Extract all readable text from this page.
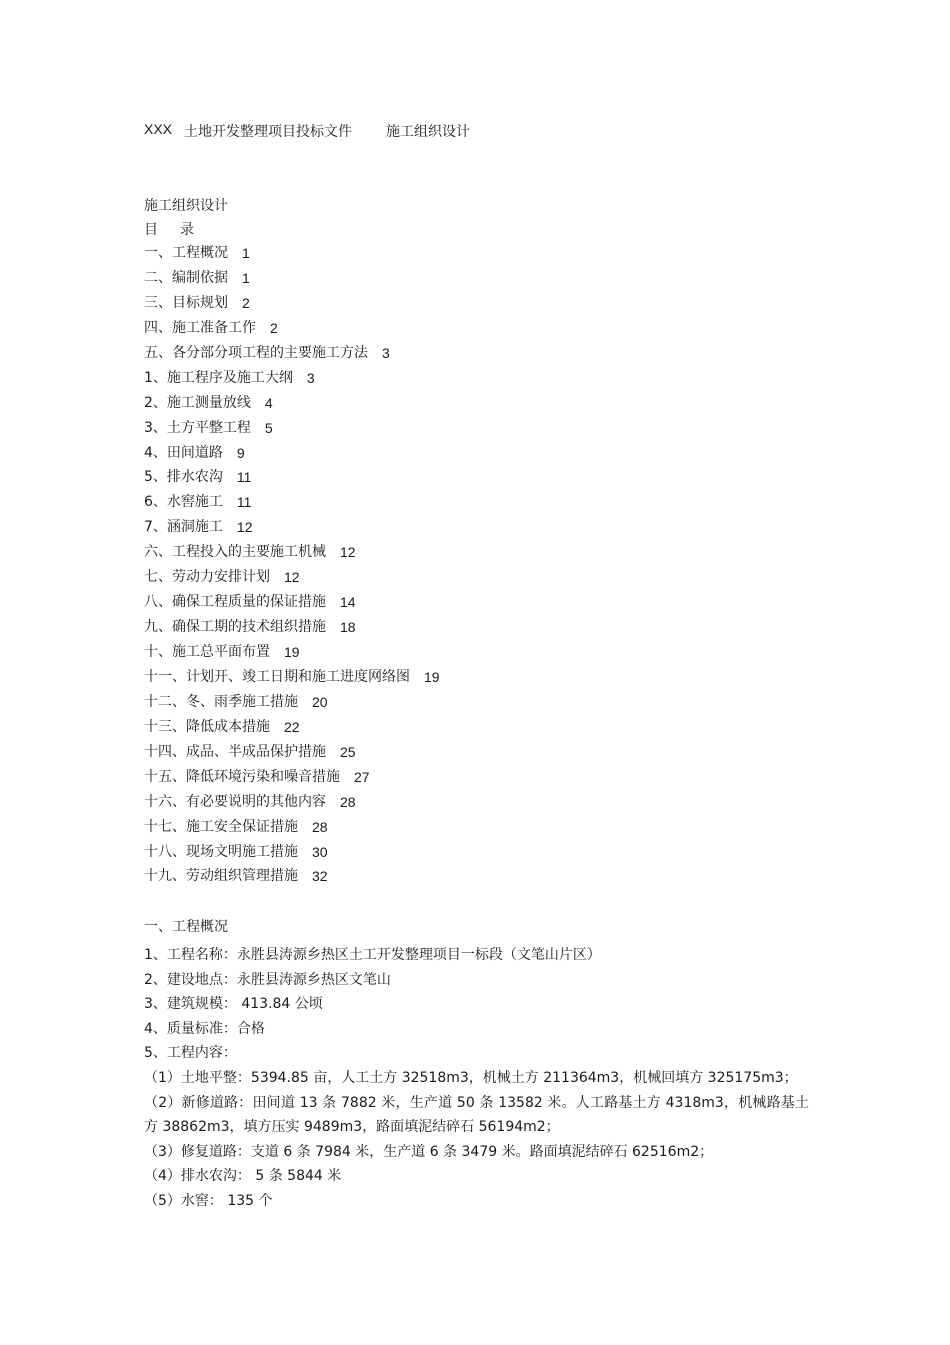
XXX 土地开发整理项目投标文件 施工组织设计
施工组织设计
目 录
一、工程概况 1
二、编制依据 1
三、目标规划 2
四、施工准备工作 2
五、各分部分项工程的主要施工方法 3
1、施工程序及施工大纲 3
2、施工测量放线 4
3、土方平整工程 5
4、田间道路 9
5、排水农沟 11
6、水窖施工 11
7、涵洞施工 12
六、工程投入的主要施工机械 12
七、劳动力安排计划 12
八、确保工程质量的保证措施 14
九、确保工期的技术组织措施 18
十、施工总平面布置 19
十一、计划开、竣工日期和施工进度网络图 19
十二、冬、雨季施工措施 20
十三、降低成本措施 22
十四、成品、半成品保护措施 25
十五、降低环境污染和噪音措施 27
十六、有必要说明的其他内容 28
十七、施工安全保证措施 28
十八、现场文明施工措施 30
十九、劳动组织管理措施 32
一、工程概况
1、工程名称：永胜县涛源乡热区土工开发整理项目一标段（文笔山片区）
2、建设地点：永胜县涛源乡热区文笔山
3、建筑规模： 413.84 公顷
4、质量标准：合格
5、工程内容：
（1）土地平整：5394.85 亩，人工土方 32518m3，机械土方 211364m3，机械回填方 325175m3；
（2）新修道路：田间道 13 条 7882 米，生产道 50 条 13582 米。人工路基土方 4318m3，机械路基土方 38862m3，填方压实 9489m3，路面填泥结碎石 56194m2；
（3）修复道路：支道 6 条 7984 米，生产道 6 条 3479 米。路面填泥结碎石 62516m2；
（4）排水农沟： 5 条 5844 米
（5）水窖： 135 个
